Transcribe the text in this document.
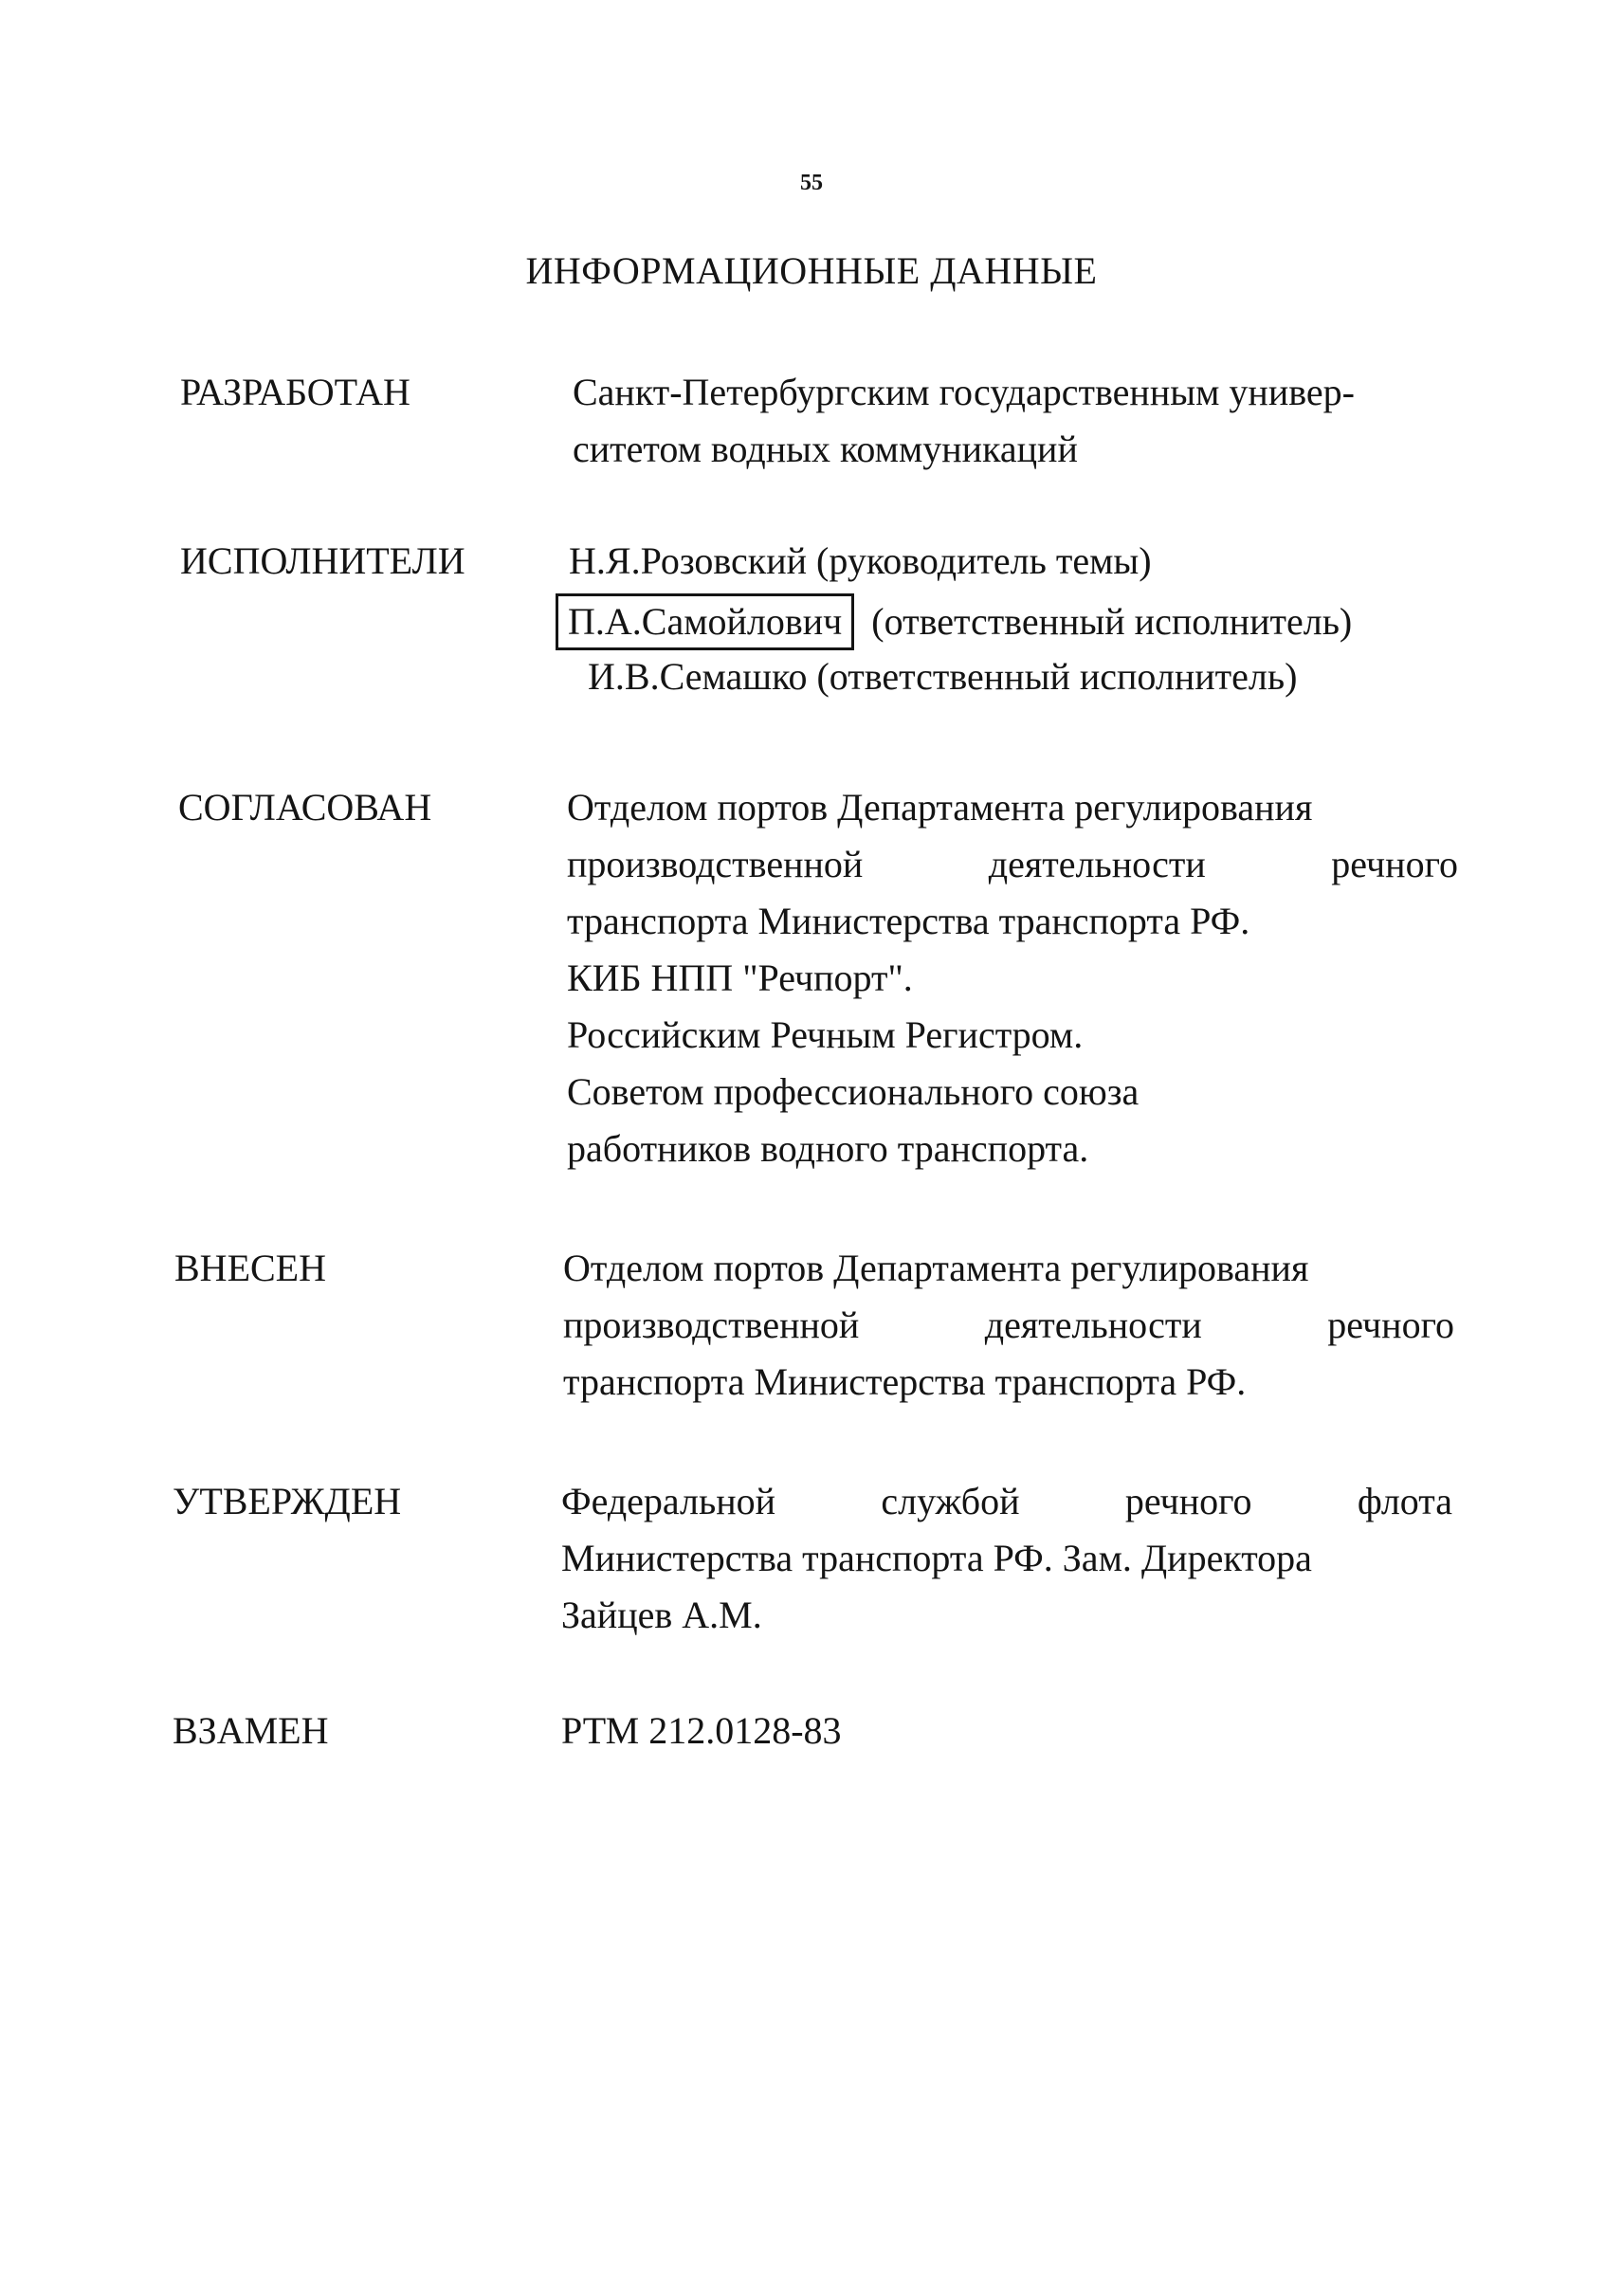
55
ИНФОРМАЦИОННЫЕ ДАННЫЕ
РАЗРАБОТАН	Санкт-Петербургским государственным универ-
ситетом водных коммуникаций
ИСПОЛНИТЕЛИ	Н.Я.Розовский (руководитель темы)
П.А.Самойлович (ответственный исполнитель)
И.В.Семашко (ответственный исполнитель)
СОГЛАСОВАН	Отделом портов Департамента регулирования
производственной	деятельности	речного
транспорта Министерства транспорта РФ.
КИБ НПП "Речпорт".
Российским Речным Регистром.
Советом профессионального союза
работников водного транспорта.
ВНЕСЕН	Отделом портов Департамента регулирования
производственной	деятельности	речного
транспорта Министерства транспорта РФ.
УТВЕРЖДЕН	Федеральной	службой	речного	флота
Министерства транспорта РФ. Зам. Директора
Зайцев А.М.
ВЗАМЕН	РТМ 212.0128-83
